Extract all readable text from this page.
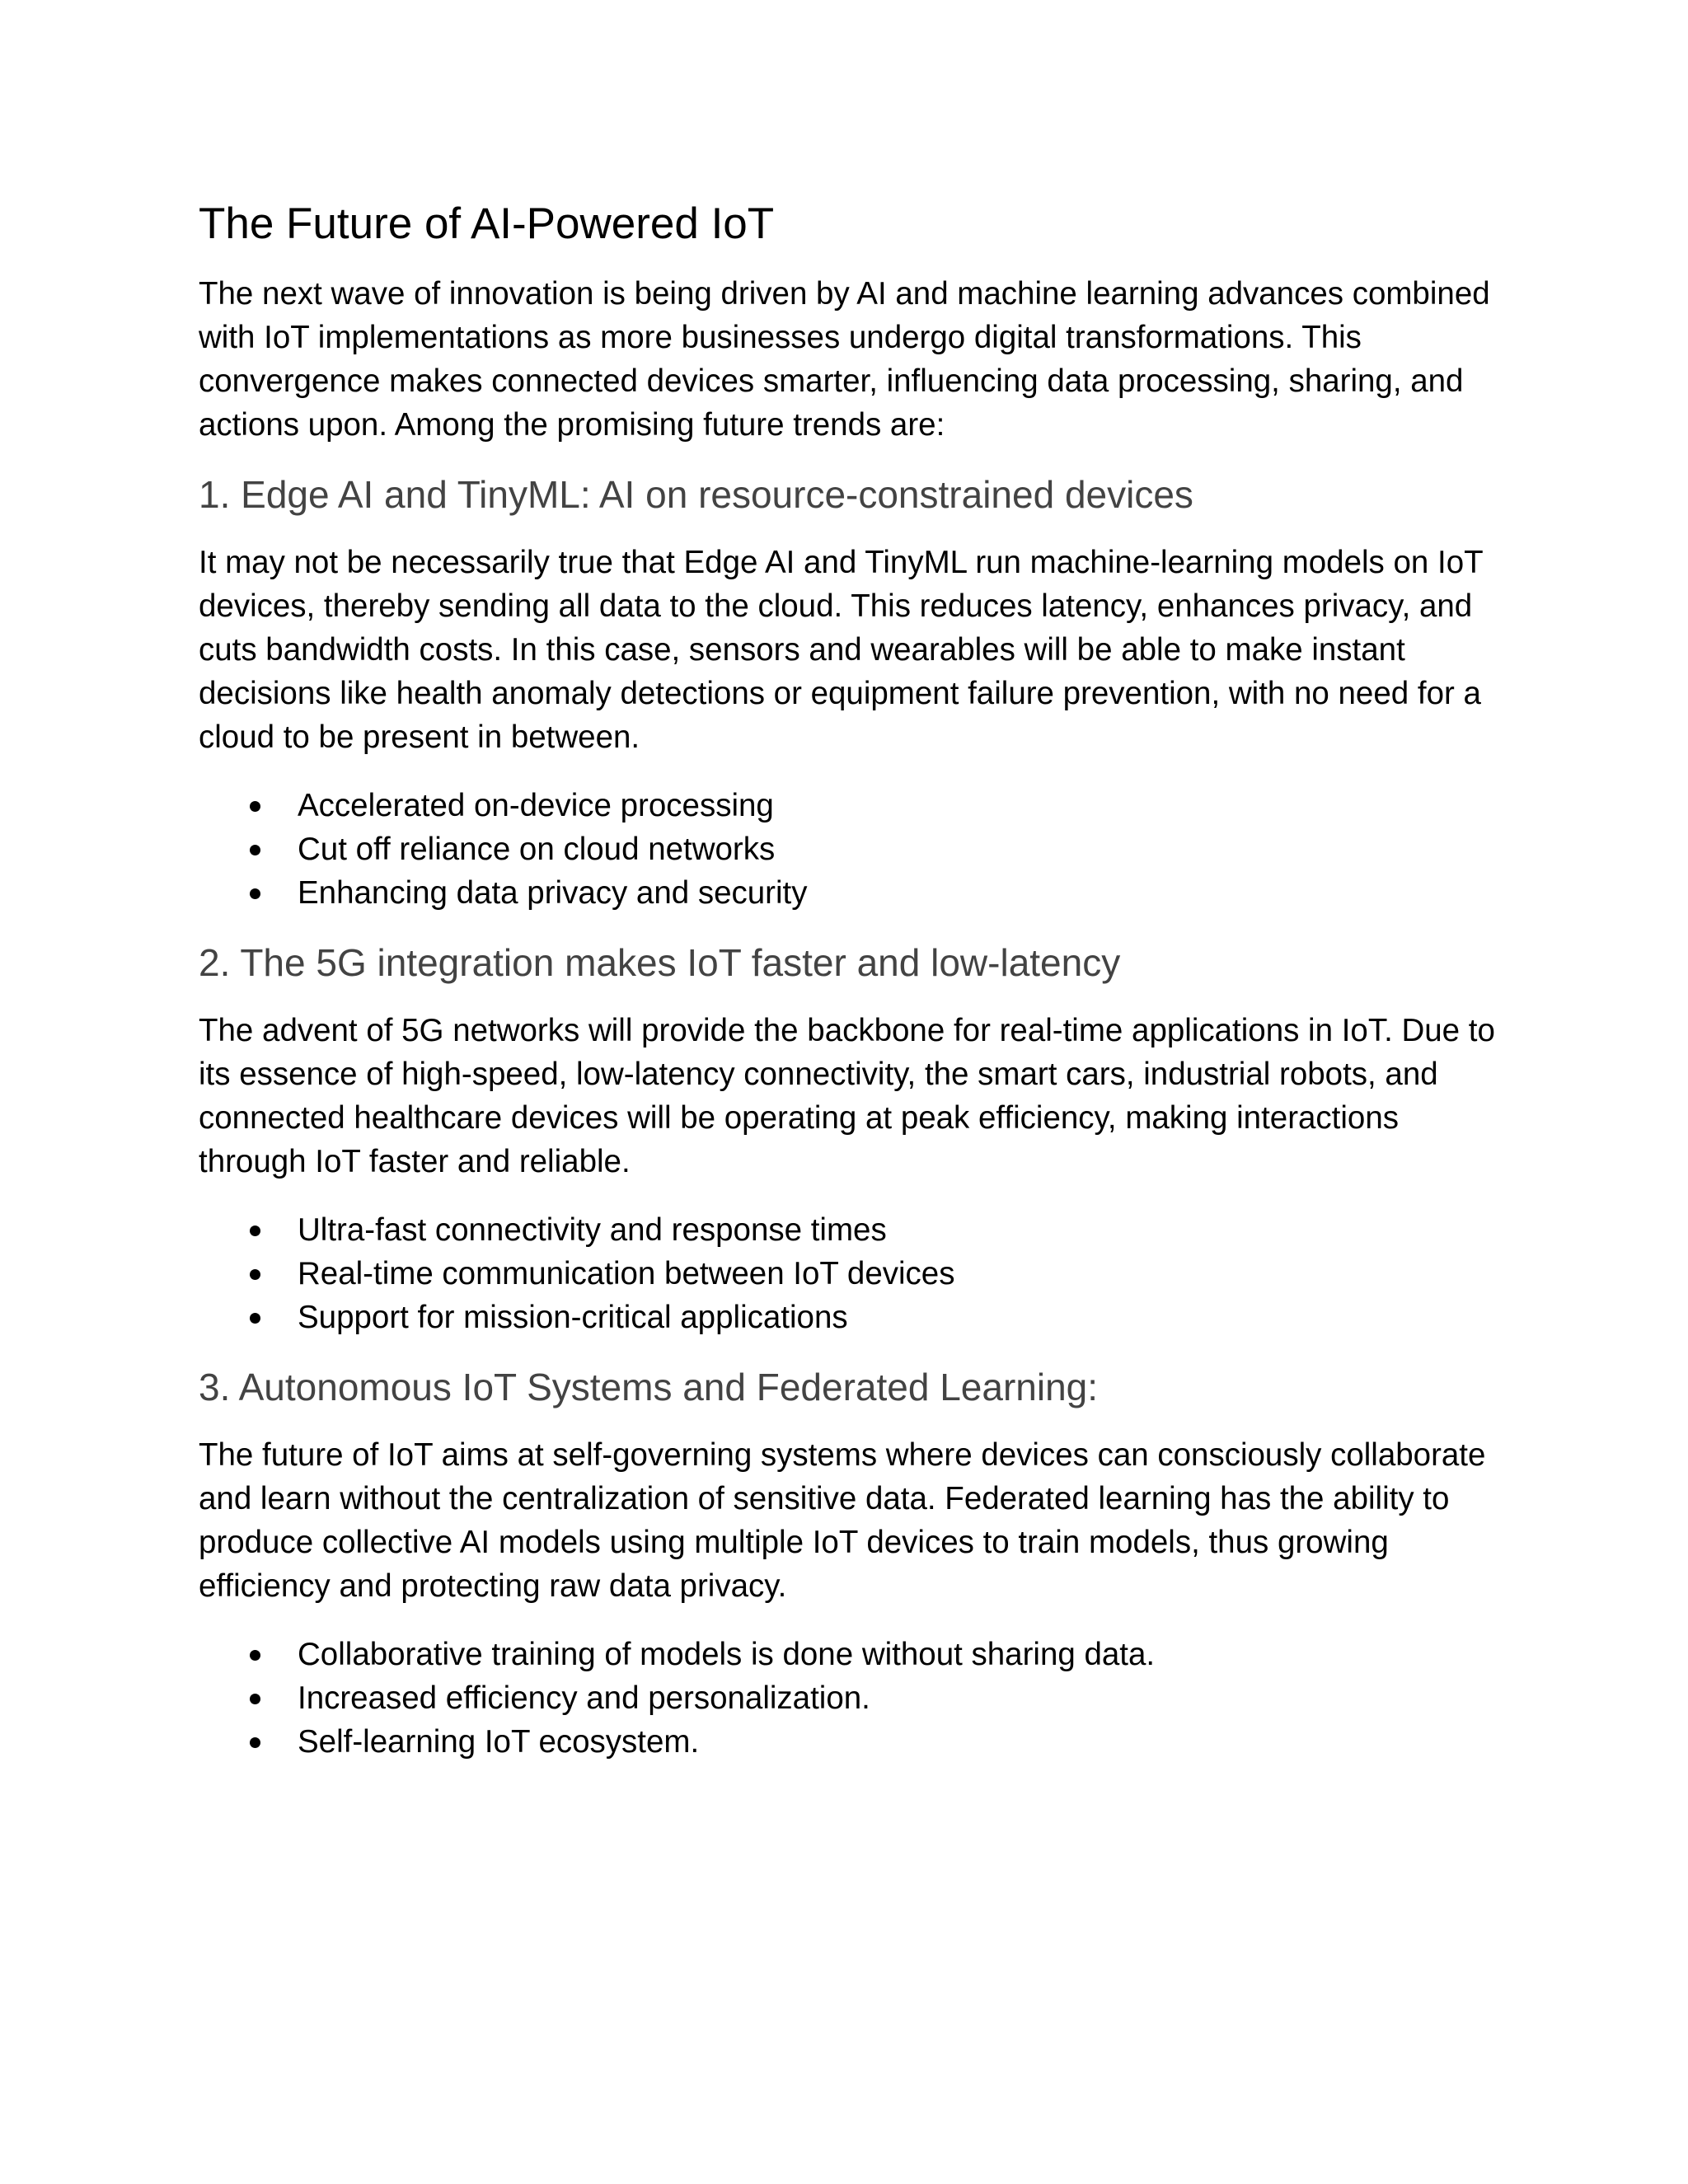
The Future of AI-Powered IoT

The next wave of innovation is being driven by AI and machine learning advances combined with IoT implementations as more businesses undergo digital transformations. This convergence makes connected devices smarter, influencing data processing, sharing, and actions upon. Among the promising future trends are:

1. Edge AI and TinyML: AI on resource-constrained devices

It may not be necessarily true that Edge AI and TinyML run machine-learning models on IoT devices, thereby sending all data to the cloud. This reduces latency, enhances privacy, and cuts bandwidth costs. In this case, sensors and wearables will be able to make instant decisions like health anomaly detections or equipment failure prevention, with no need for a cloud to be present in between.

Accelerated on-device processing
Cut off reliance on cloud networks
Enhancing data privacy and security
2. The 5G integration makes IoT faster and low-latency

The advent of 5G networks will provide the backbone for real-time applications in IoT. Due to its essence of high-speed, low-latency connectivity, the smart cars, industrial robots, and connected healthcare devices will be operating at peak efficiency, making interactions through IoT faster and reliable.

Ultra-fast connectivity and response times
Real-time communication between IoT devices
Support for mission-critical applications
3. Autonomous IoT Systems and Federated Learning:

The future of IoT aims at self-governing systems where devices can consciously collaborate and learn without the centralization of sensitive data. Federated learning has the ability to produce collective AI models using multiple IoT devices to train models, thus growing efficiency and protecting raw data privacy.

Collaborative training of models is done without sharing data.
Increased efficiency and personalization.
Self-learning IoT ecosystem.
